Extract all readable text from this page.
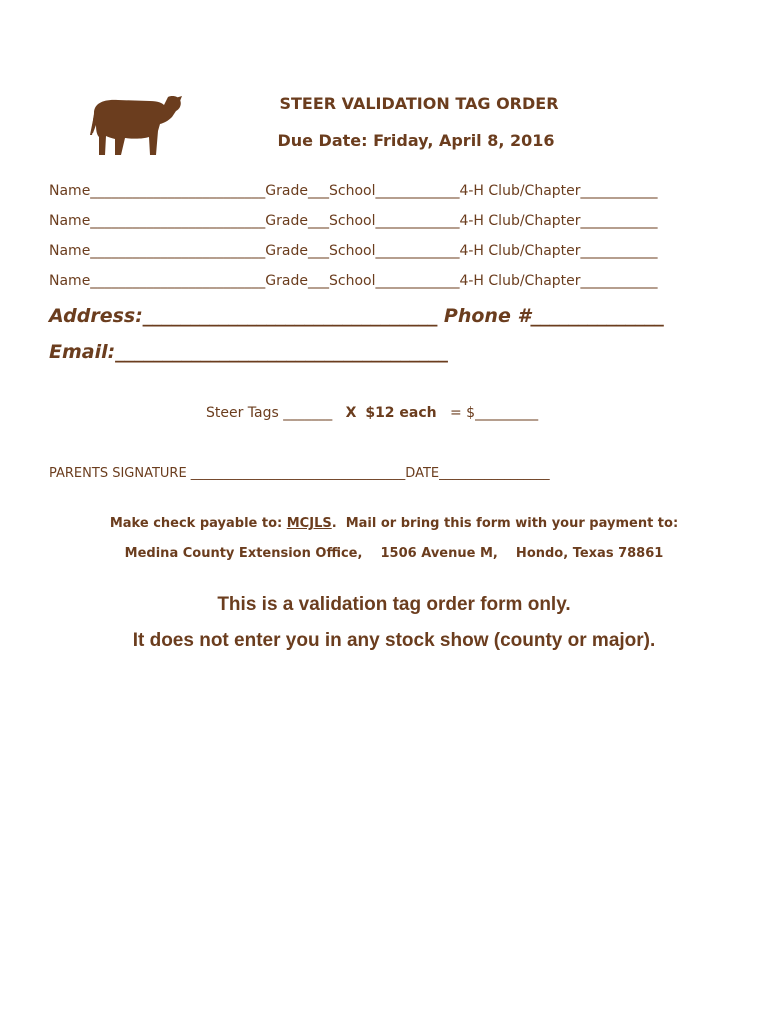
STEER VALIDATION TAG ORDER
Due Date: Friday, April 8, 2016
Name_________________________Grade___School____________4-H Club/Chapter___________
Name_________________________Grade___School____________4-H Club/Chapter___________
Name_________________________Grade___School____________4-H Club/Chapter___________
Name_________________________Grade___School____________4-H Club/Chapter___________
Address:_______________________________ Phone #______________
Email:___________________________________
Steer Tags _______ X $12 each = $_________
PARENTS SIGNATURE _________________________________DATE_________________
Make check payable to: MCJLS.  Mail or bring this form with your payment to:
Medina County Extension Office,    1506 Avenue M,    Hondo, Texas 78861
This is a validation tag order form only.
It does not enter you in any stock show (county or major).
